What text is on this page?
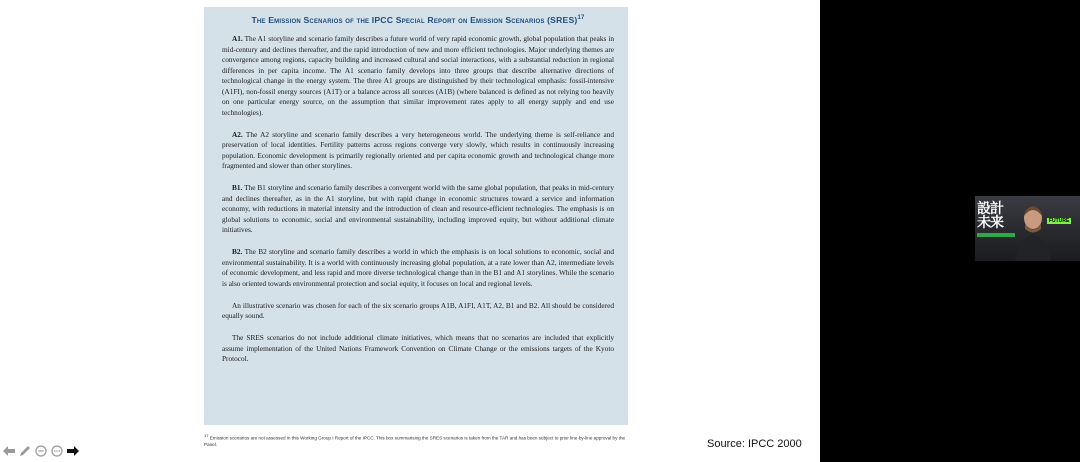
The Emission Scenarios of the IPCC Special Report on Emission Scenarios (SRES)$^{17}$

A1. The A1 storyline and scenario family describes a future world of very rapid economic growth, global population that peaks in mid-century and declines thereafter, and the rapid introduction of new and more efficient technologies. Major underlying themes are convergence among regions, capacity building and increased cultural and social interactions, with a substantial reduction in regional differences in per capita income. The A1 scenario family develops into three groups that describe alternative directions of technological change in the energy system. The three A1 groups are distinguished by their technological emphasis: fossil-intensive (A1FI), non-fossil energy sources (A1T) or a balance across all sources (A1B) (where balanced is defined as not relying too heavily on one particular energy source, on the assumption that similar improvement rates apply to all energy supply and end use technologies).

A2. The A2 storyline and scenario family describes a very heterogeneous world. The underlying theme is self-reliance and preservation of local identities. Fertility patterns across regions converge very slowly, which results in continuously increasing population. Economic development is primarily regionally oriented and per capita economic growth and technological change more fragmented and slower than other storylines.

B1. The B1 storyline and scenario family describes a convergent world with the same global population, that peaks in mid-century and declines thereafter, as in the A1 storyline, but with rapid change in economic structures toward a service and information economy, with reductions in material intensity and the introduction of clean and resource-efficient technologies. The emphasis is on global solutions to economic, social and environmental sustainability, including improved equity, but without additional climate initiatives.

B2. The B2 storyline and scenario family describes a world in which the emphasis is on local solutions to economic, social and environmental sustainability. It is a world with continuously increasing global population, at a rate lower than A2, intermediate levels of economic development, and less rapid and more diverse technological change than in the B1 and A1 storylines. While the scenario is also oriented towards environmental protection and social equity, it focuses on local and regional levels.

An illustrative scenario was chosen for each of the six scenario groups A1B, A1FI, A1T, A2, B1 and B2. All should be considered equally sound.

The SRES scenarios do not include additional climate initiatives, which means that no scenarios are included that explicitly assume implementation of the United Nations Framework Convention on Climate Change or the emissions targets of the Kyoto Protocol.

$^{17}$ Emission scenarios are not assessed in this Working Group I Report of the IPCC. This box summarising the SRES scenarios is taken from the TAR and has been subject to prior line-by-line approval by the Panel.	Source: IPCC 2000
設計
未来	FUTURE
